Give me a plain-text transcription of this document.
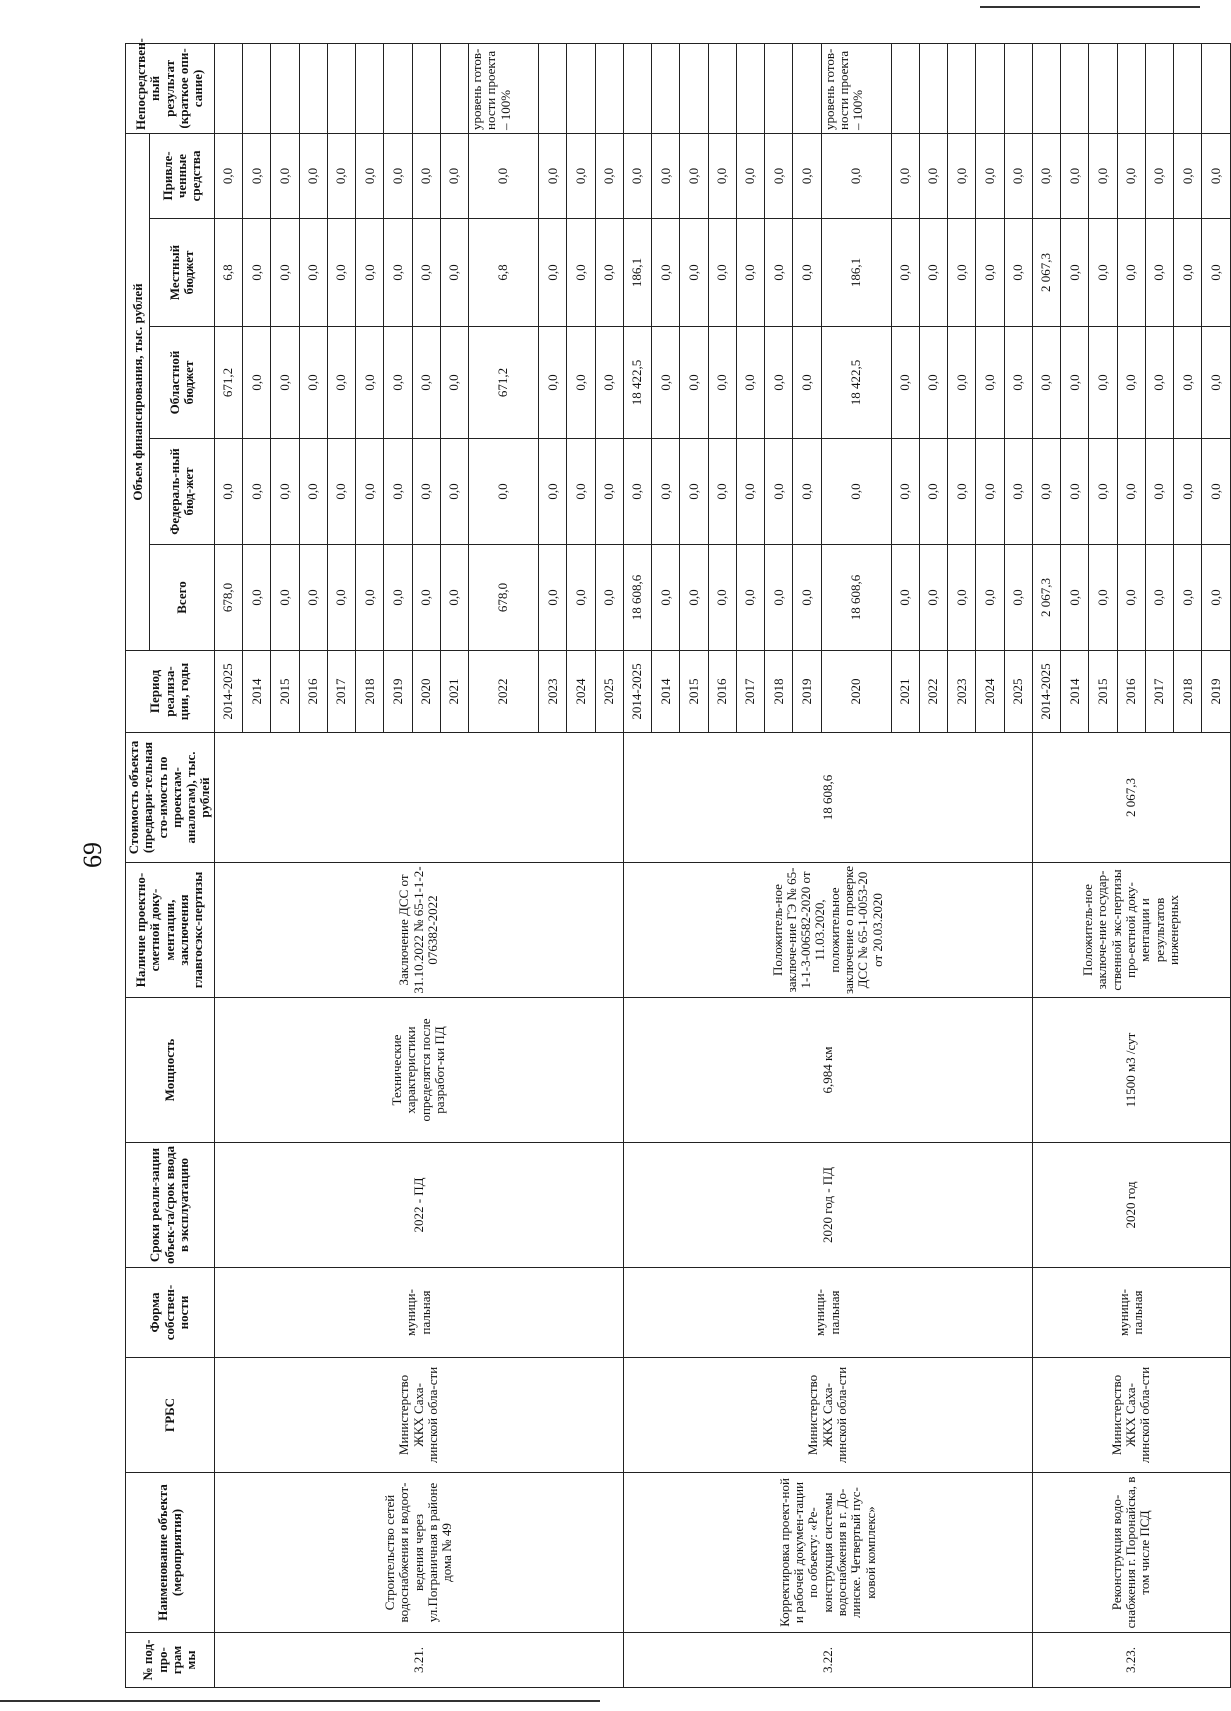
69
№ под-про-грам мы	Наименование объекта (мероприятия)	ГРБС	Форма собствен-ности	Сроки реали-зации объек-та/срок ввода в эксплуатацию	Мощность	Наличие проектно-сметной доку-ментации, заключения главгосэкс-пертизы	Стоимость объекта (предвари-тельная сто-имость по проектам-аналогам), тыс. рублей	Период реализа-ции, годы	Объем финансирования, тыс. рублей					Непосредствен-ный результат (краткое опи-сание)
									Всего	Федераль-ный бюд-жет	Областной бюджет	Местный бюджет	Привле-ченные средства	
3.21.	Строительство сетей водоснабжения и водоот-ведения через ул.Пограничная в районе дома № 49	Министерство ЖКХ Саха-линской обла-сти	муници-пальная	2022 - ПД	Технические характеристики определятся после разработ-ки ПД	Заключение ДСС от 31.10.2022 № 65-1-1-2-076382-2022		2014-2025	678,0	0,0	671,2	6,8	0,0	
								2014	0,0	0,0	0,0	0,0	0,0	
								2015	0,0	0,0	0,0	0,0	0,0	
								2016	0,0	0,0	0,0	0,0	0,0	
								2017	0,0	0,0	0,0	0,0	0,0	
								2018	0,0	0,0	0,0	0,0	0,0	
								2019	0,0	0,0	0,0	0,0	0,0	
								2020	0,0	0,0	0,0	0,0	0,0	
								2021	0,0	0,0	0,0	0,0	0,0	
								2022	678,0	0,0	671,2	6,8	0,0	уровень готов-ности проекта – 100%
								2023	0,0	0,0	0,0	0,0	0,0	
								2024	0,0	0,0	0,0	0,0	0,0	
								2025	0,0	0,0	0,0	0,0	0,0	
3.22.	Корректировка проект-ной и рабочей докумен-тации по объекту: «Ре-конструкция системы водоснабжения в г. До-линске. Четвертый пус-ковой комплекс»	Министерство ЖКХ Саха-линской обла-сти	муници-пальная	2020 год - ПД	6,984 км	Положитель-ное заключе-ние ГЭ № 65-1-1-3-006582-2020 от 11.03.2020, положительное заключение о проверке ДСС № 65-1-0053-20 от 20.03.2020	18 608,6	2014-2025	18 608,6	0,0	18 422,5	186,1	0,0	
								2014	0,0	0,0	0,0	0,0	0,0	
								2015	0,0	0,0	0,0	0,0	0,0	
								2016	0,0	0,0	0,0	0,0	0,0	
								2017	0,0	0,0	0,0	0,0	0,0	
								2018	0,0	0,0	0,0	0,0	0,0	
								2019	0,0	0,0	0,0	0,0	0,0	
								2020	18 608,6	0,0	18 422,5	186,1	0,0	уровень готов-ности проекта – 100%
								2021	0,0	0,0	0,0	0,0	0,0	
								2022	0,0	0,0	0,0	0,0	0,0	
								2023	0,0	0,0	0,0	0,0	0,0	
								2024	0,0	0,0	0,0	0,0	0,0	
								2025	0,0	0,0	0,0	0,0	0,0	
3.23.	Реконструкция водо-снабжения г. Поронайска, в том числе ПСД	Министерство ЖКХ Саха-линской обла-сти	муници-пальная	2020 год	11500 м3 /сут	Положитель-ное заключе-ние государ-ственной экс-пертизы про-ектной доку-ментации и результатов инженерных	2 067,3	2014-2025	2 067,3	0,0	0,0	2 067,3	0,0	
								2014	0,0	0,0	0,0	0,0	0,0	
								2015	0,0	0,0	0,0	0,0	0,0	
								2016	0,0	0,0	0,0	0,0	0,0	
								2017	0,0	0,0	0,0	0,0	0,0	
								2018	0,0	0,0	0,0	0,0	0,0	
								2019	0,0	0,0	0,0	0,0	0,0	
